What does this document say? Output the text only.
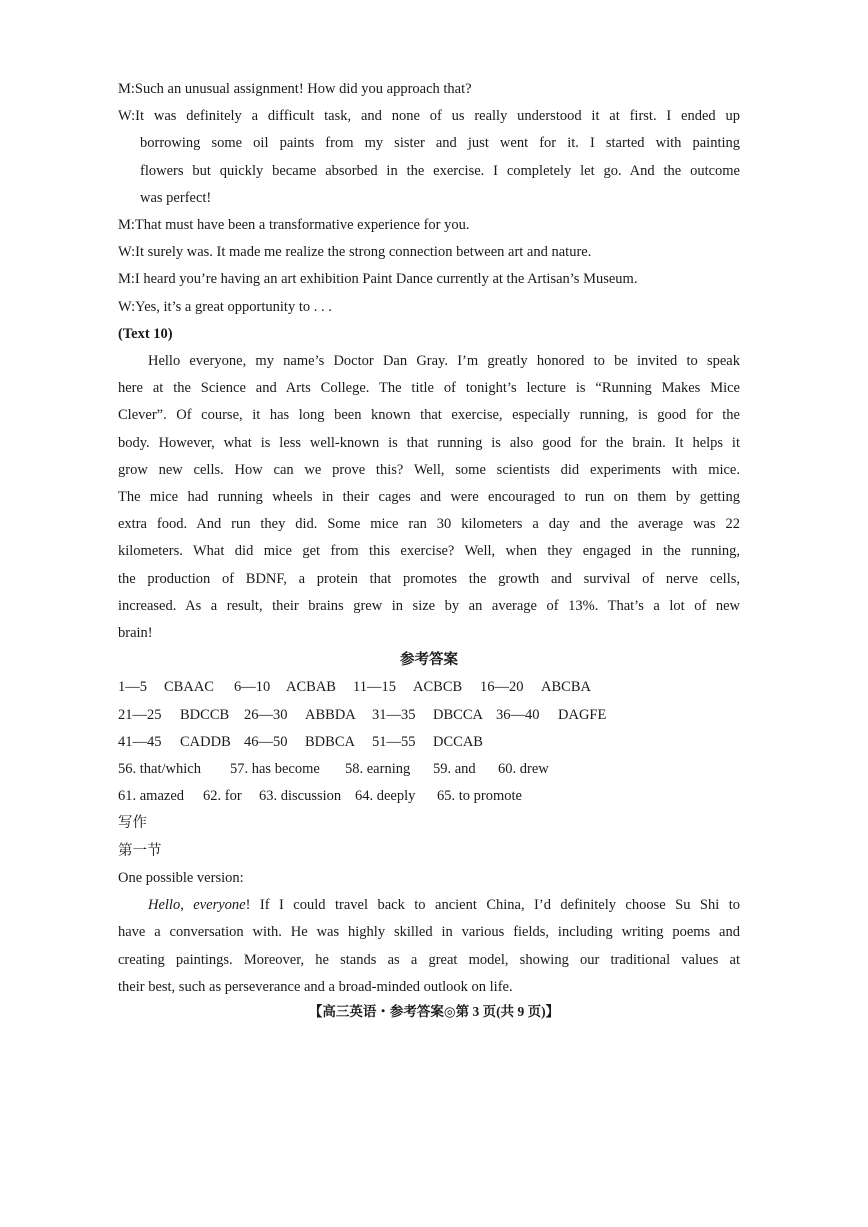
M:Such an unusual assignment! How did you approach that?
W:It was definitely a difficult task, and none of us really understood it at first. I ended up
borrowing some oil paints from my sister and just went for it. I started with painting
flowers but quickly became absorbed in the exercise. I completely let go. And the outcome
was perfect!
M:That must have been a transformative experience for you.
W:It surely was. It made me realize the strong connection between art and nature.
M:I heard you’re having an art exhibition Paint Dance currently at the Artisan’s Museum.
W:Yes, it’s a great opportunity to . . .
(Text 10)
Hello everyone, my name’s Doctor Dan Gray. I’m greatly honored to be invited to speak
here at the Science and Arts College. The title of tonight’s lecture is “Running Makes Mice
Clever”. Of course, it has long been known that exercise, especially running, is good for the
body. However, what is less well-known is that running is also good for the brain. It helps it
grow new cells. How can we prove this? Well, some scientists did experiments with mice.
The mice had running wheels in their cages and were encouraged to run on them by getting
extra food. And run they did. Some mice ran 30 kilometers a day and the average was 22
kilometers. What did mice get from this exercise? Well, when they engaged in the running,
the production of BDNF, a protein that promotes the growth and survival of nerve cells,
increased. As a result, their brains grew in size by an average of 13%. That’s a lot of new
brain!
参考答案
1—5 CBAAC 6—10 ACBAB 11—15 ACBCB 16—20 ABCBA
21—25 BDCCB 26—30 ABBDA 31—35 DBCCA 36—40 DAGFE
41—45 CADDB 46—50 BDBCA 51—55 DCCAB
56. that/which 57. has become 58. earning 59. and 60. drew
61. amazed 62. for 63. discussion 64. deeply 65. to promote
写作
第一节
One possible version:
Hello, everyone! If I could travel back to ancient China, I’d definitely choose Su Shi to
have a conversation with. He was highly skilled in various fields, including writing poems and
creating paintings. Moreover, he stands as a great model, showing our traditional values at
their best, such as perseverance and a broad-minded outlook on life.
【高三英语・参考答案◎第 3 页(共 9 页)】
